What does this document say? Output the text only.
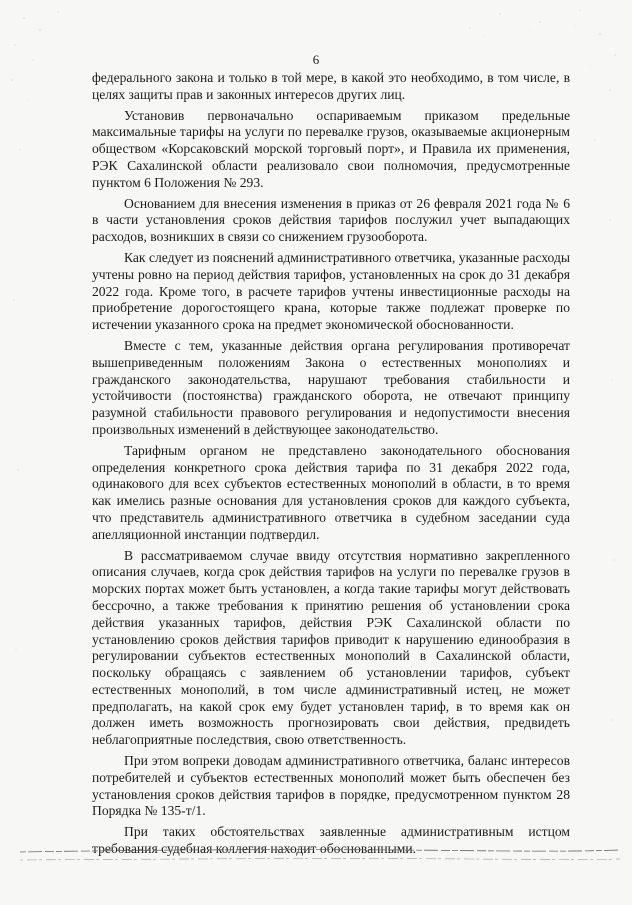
6

федерального закона и только в той мере, в какой это необходимо, в том числе, в целях защиты прав и законных интересов других лиц.

Установив первоначально оспариваемым приказом предельные максимальные тарифы на услуги по перевалке грузов, оказываемые акционерным обществом «Корсаковский морской торговый порт», и Правила их применения, РЭК Сахалинской области реализовало свои полномочия, предусмотренные пунктом 6 Положения № 293.

Основанием для внесения изменения в приказ от 26 февраля 2021 года № 6 в части установления сроков действия тарифов послужил учет выпадающих расходов, возникших в связи со снижением грузооборота.

Как следует из пояснений административного ответчика, указанные расходы учтены ровно на период действия тарифов, установленных на срок до 31 декабря 2022 года. Кроме того, в расчете тарифов учтены инвестиционные расходы на приобретение дорогостоящего крана, которые также подлежат проверке по истечении указанного срока на предмет экономической обоснованности.

Вместе с тем, указанные действия органа регулирования противоречат вышеприведенным положениям Закона о естественных монополиях и гражданского законодательства, нарушают требования стабильности и устойчивости (постоянства) гражданского оборота, не отвечают принципу разумной стабильности правового регулирования и недопустимости внесения произвольных изменений в действующее законодательство.

Тарифным органом не представлено законодательного обоснования определения конкретного срока действия тарифа по 31 декабря 2022 года, одинакового для всех субъектов естественных монополий в области, в то время как имелись разные основания для установления сроков для каждого субъекта, что представитель административного ответчика в судебном заседании суда апелляционной инстанции подтвердил.

В рассматриваемом случае ввиду отсутствия нормативно закрепленного описания случаев, когда срок действия тарифов на услуги по перевалке грузов в морских портах может быть установлен, а когда такие тарифы могут действовать бессрочно, а также требования к принятию решения об установлении срока действия указанных тарифов, действия РЭК Сахалинской области по установлению сроков действия тарифов приводит к нарушению единообразия в регулировании субъектов естественных монополий в Сахалинской области, поскольку обращаясь с заявлением об установлении тарифов, субъект естественных монополий, в том числе административный истец, не может предполагать, на какой срок ему будет установлен тариф, в то время как он должен иметь возможность прогнозировать свои действия, предвидеть неблагоприятные последствия, свою ответственность.

При этом вопреки доводам административного ответчика, баланс интересов потребителей и субъектов естественных монополий может быть обеспечен без установления сроков действия тарифов в порядке, предусмотренном пунктом 28 Порядка № 135-т/1.

При таких обстоятельствах заявленные административным истцом требования судебная коллегия находит обоснованными.
